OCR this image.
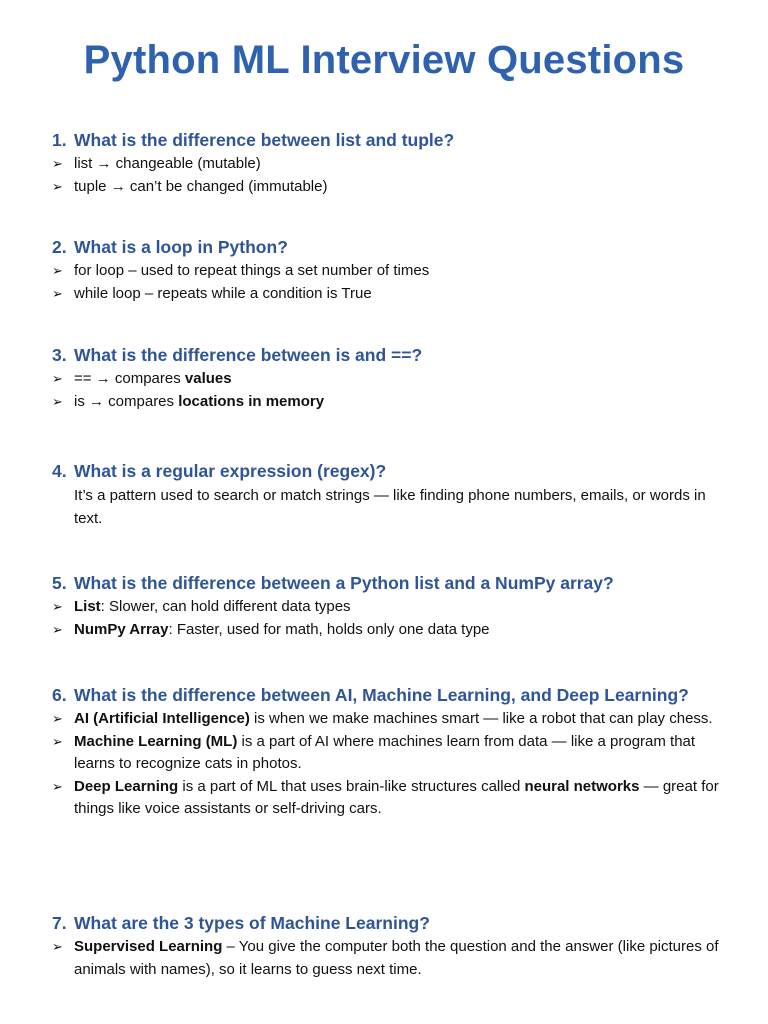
Python ML Interview Questions
1. What is the difference between list and tuple?
➢ list → changeable (mutable)
➢ tuple → can’t be changed (immutable)
2. What is a loop in Python?
➢ for loop – used to repeat things a set number of times
➢ while loop – repeats while a condition is True
3. What is the difference between is and ==?
➢ == → compares values
➢ is → compares locations in memory
4. What is a regular expression (regex)?
It’s a pattern used to search or match strings — like finding phone numbers, emails, or words in text.
5. What is the difference between a Python list and a NumPy array?
➢ List: Slower, can hold different data types
➢ NumPy Array: Faster, used for math, holds only one data type
6. What is the difference between AI, Machine Learning, and Deep Learning?
➢ AI (Artificial Intelligence) is when we make machines smart — like a robot that can play chess.
➢ Machine Learning (ML) is a part of AI where machines learn from data — like a program that learns to recognize cats in photos.
➢ Deep Learning is a part of ML that uses brain-like structures called neural networks — great for things like voice assistants or self-driving cars.
7. What are the 3 types of Machine Learning?
➢ Supervised Learning – You give the computer both the question and the answer (like pictures of animals with names), so it learns to guess next time.
